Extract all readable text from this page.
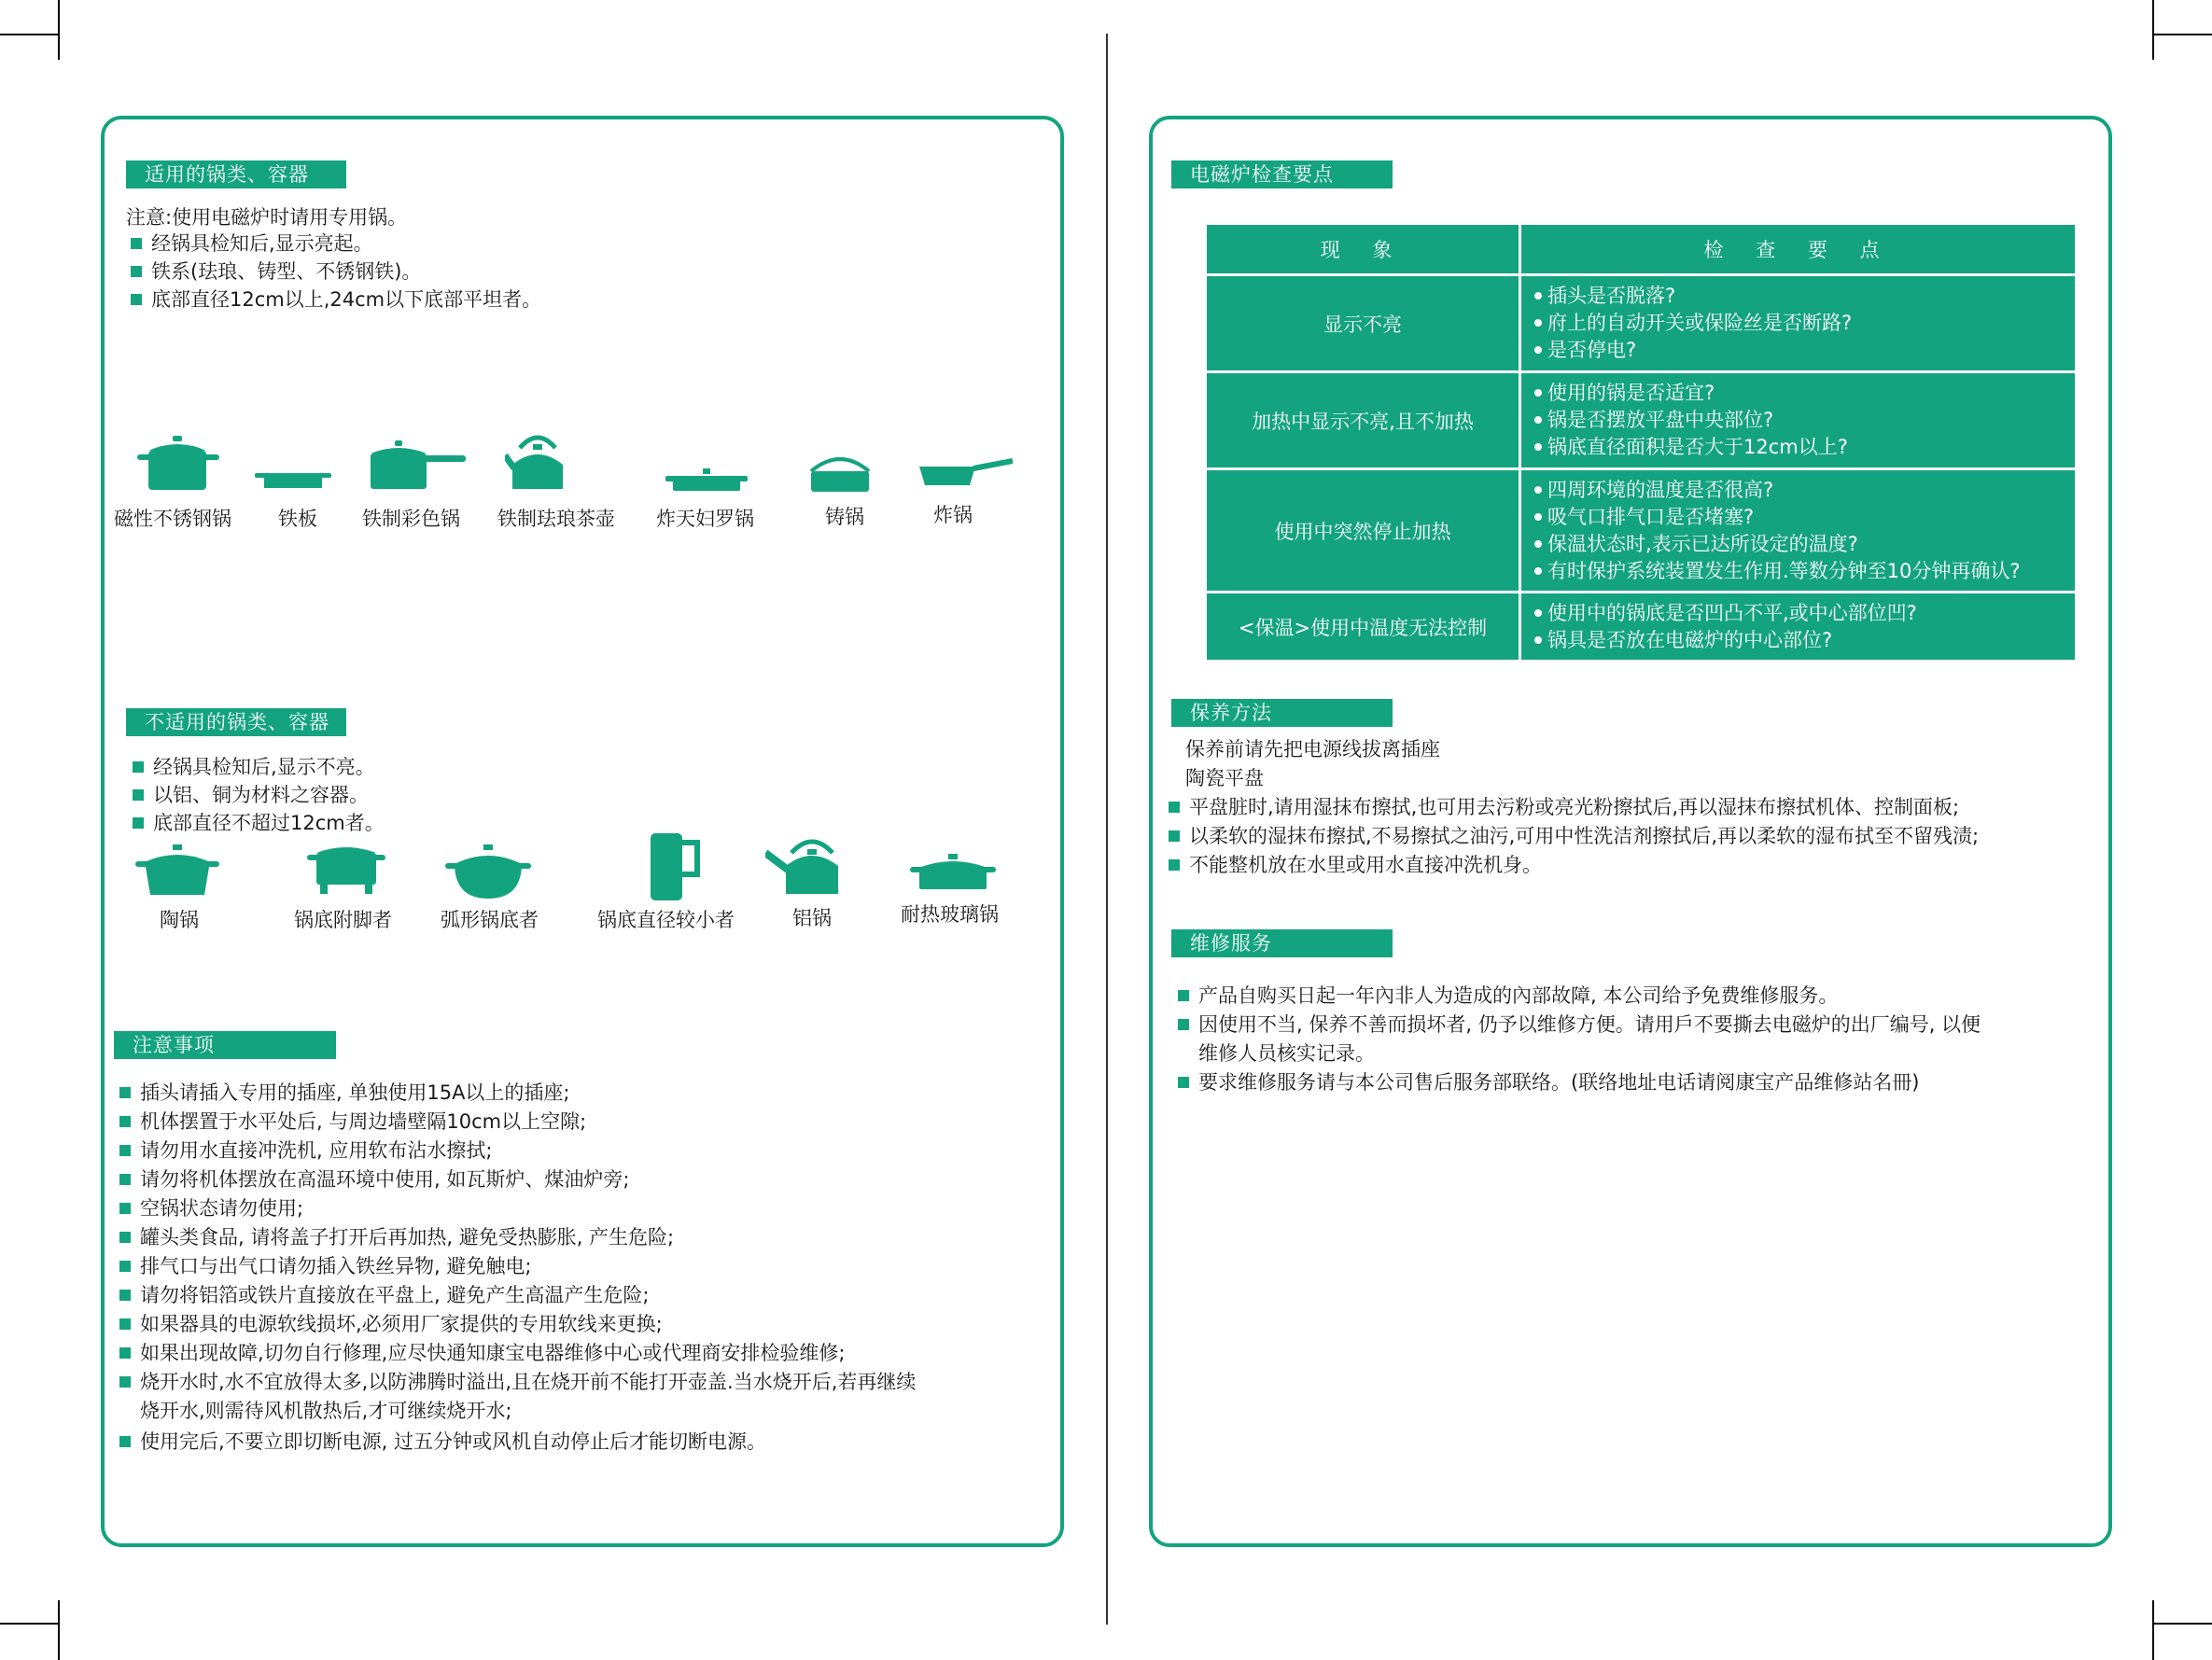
适用的锅类、容器
注意:使用电磁炉时请用专用锅。
经锅具检知后,显示亮起。
铁系(珐琅、铸型、不锈钢铁)。
底部直径12cm以上,24cm以下底部平坦者。
磁性不锈钢锅 铁板 铁制彩色锅 铁制珐琅茶壶 炸天妇罗锅	铸锅	炸锅
不适用的锅类、容器
经锅具检知后,显示不亮。
以铝、铜为材料之容器。
底部直径不超过12cm者。
陶锅	锅底附脚者 弧形锅底者	锅底直径较小者	铝锅	耐热玻璃锅
注意事项
插头请插入专用的插座, 单独使用15A以上的插座;
机体摆置于水平处后, 与周边墙壁隔10cm以上空隙;
请勿用水直接冲洗机, 应用软布沾水擦拭;
请勿将机体摆放在高温环境中使用, 如瓦斯炉、煤油炉旁;
空锅状态请勿使用;
罐头类食品, 请将盖子打开后再加热, 避免受热膨胀, 产生危险;
排气口与出气口请勿插入铁丝异物, 避免触电;
请勿将铝箔或铁片直接放在平盘上, 避免产生高温产生危险;
如果器具的电源软线损坏,必须用厂家提供的专用软线来更换;
如果出现故障,切勿自行修理,应尽快通知康宝电器维修中心或代理商安排检验维修;
烧开水时,水不宜放得太多,以防沸腾时溢出,且在烧开前不能打开壶盖.当水烧开后,若再继续
烧开水,则需待风机散热后,才可继续烧开水;
使用完后,不要立即切断电源, 过五分钟或风机自动停止后才能切断电源。
电磁炉检查要点
现 象	检 查 要 点
显示不亮	插头是否脱落?
府上的自动开关或保险丝是否断路?
是否停电?

加热中显示不亮,且不加热	使用的锅是否适宜?
锅是否摆放平盘中央部位?
锅底直径面积是否大于12cm以上?

使用中突然停止加热	四周环境的温度是否很高?
吸气口排气口是否堵塞?
保温状态时,表示已达所设定的温度?
有时保护系统装置发生作用.等数分钟至10分钟再确认?

<保温>使用中温度无法控制	使用中的锅底是否凹凸不平,或中心部位凹?
锅具是否放在电磁炉的中心部位?
保养方法
保养前请先把电源线拔离插座
陶瓷平盘
平盘脏时,请用湿抹布擦拭,也可用去污粉或亮光粉擦拭后,再以湿抹布擦拭机体、控制面板;
以柔软的湿抹布擦拭,不易擦拭之油污,可用中性洗洁剂擦拭后,再以柔软的湿布拭至不留残渍;
不能整机放在水里或用水直接冲洗机身。
维修服务
产品自购买日起一年內非人为造成的內部故障, 本公司给予免费维修服务。
因使用不当, 保养不善而损坏者, 仍予以维修方便。请用戶不要撕去电磁炉的出厂编号, 以便
维修人员核实记录。
要求维修服务请与本公司售后服务部联络。(联络地址电话请阅康宝产品维修站名冊)
